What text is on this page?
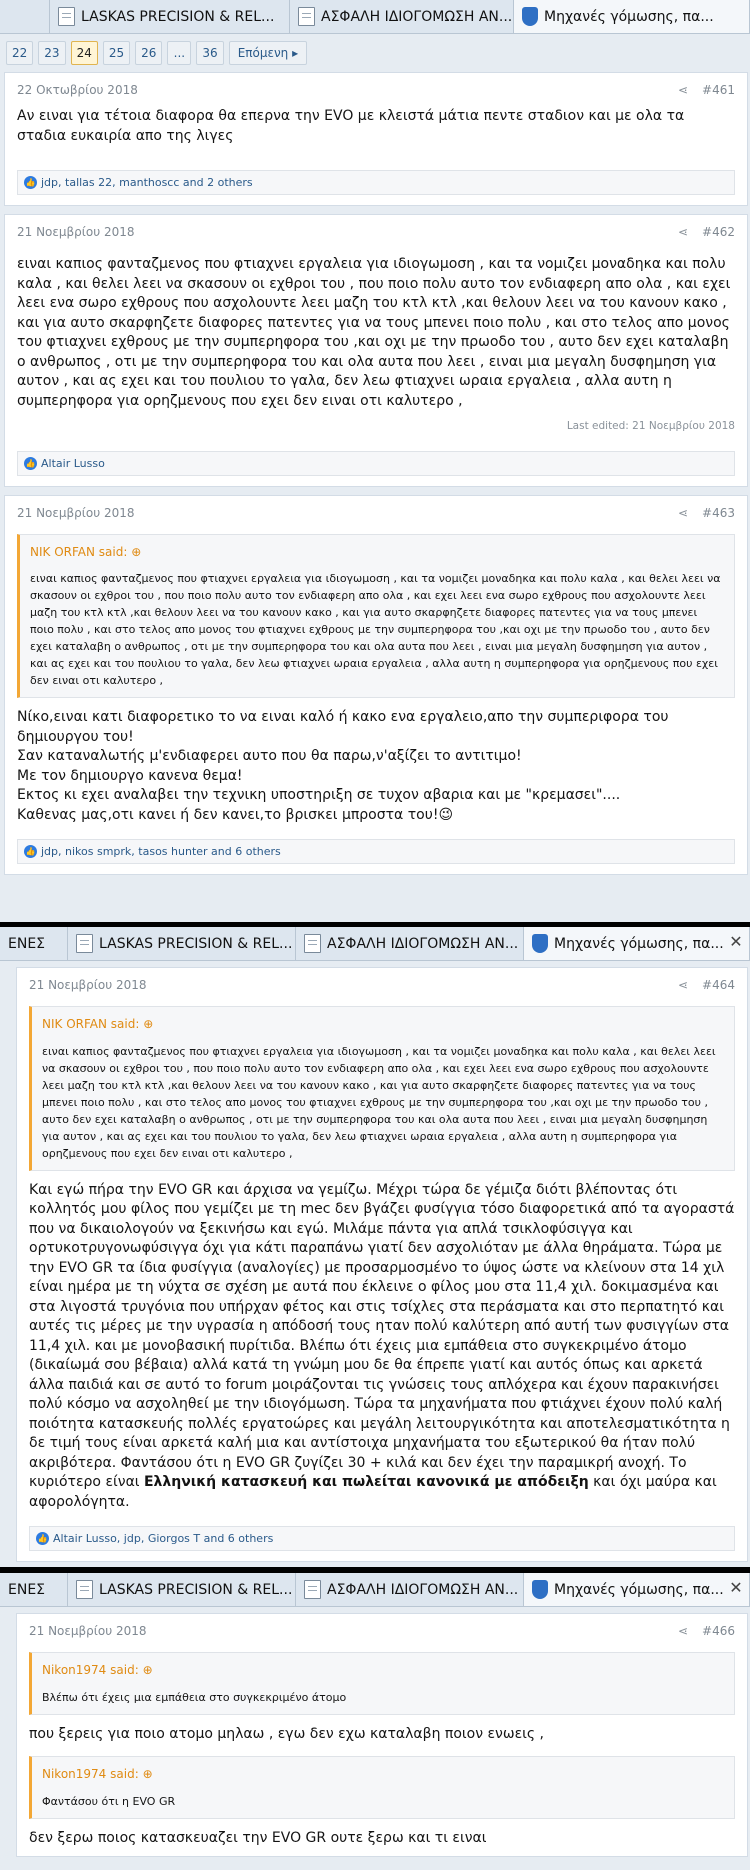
LASKAS PRECISION & REL...	ΑΣΦΑΛΗ ΙΔΙΟΓΟΜΩΣΗ ΑΝ... Μηχανές γόμωσης, πα...
22	23	24	25	26	...	36	Επόμενη ▸
22 Οκτωβρίου 2018	⋖ #461

Αν ειναι για τέτοια διαφορα θα επερνα την EVO με κλειστά μάτια πεντε σταδιον και με ολα τα σταδια ευκαιρία απο της λιγες

👍 jdp, tallas 22, manthoscc and 2 others
21 Νοεμβρίου 2018	⋖ #462

ειναι καπιος φανταζμενος που φτιαχνει εργαλεια για ιδιογωμοση , και τα νομιζει μοναδηκα και πολυ καλα , και θελει λεει να σκασουν οι εχθροι του , που ποιο πολυ αυτο τον ενδιαφερη απο ολα , και εχει λεει ενα σωρο εχθρους που ασχολουντε λεει μαζη του κτλ κτλ ,και θελουν λεει να του κανουν κακο , και για αυτο σκαρφηζετε διαφορες πατεντες για να τους μπενει ποιο πολυ , και στο τελος απο μονος του φτιαχνει εχθρους με την συμπερηφορα του ,και οχι με την πρωοδο του , αυτο δεν εχει καταλαβη ο ανθρωπος , οτι με την συμπερηφορα του και ολα αυτα που λεει , ειναι μια μεγαλη δυσφημηση για αυτον , και ας εχει και του πουλιου το γαλα, δεν λεω φτιαχνει ωραια εργαλεια , αλλα αυτη η συμπερηφορα για ορηζμενους που εχει δεν ειναι οτι καλυτερο ,

Last edited: 21 Νοεμβρίου 2018
👍 Altair Lusso
21 Νοεμβρίου 2018	⋖ #463
NIK ORFAN said: ⊕
ειναι καπιος φανταζμενος που φτιαχνει εργαλεια για ιδιογωμοση , και τα νομιζει μοναδηκα και πολυ καλα , και θελει λεει να σκασουν οι εχθροι του , που ποιο πολυ αυτο τον ενδιαφερη απο ολα , και εχει λεει ενα σωρο εχθρους που ασχολουντε λεει μαζη του κτλ κτλ ,και θελουν λεει να του κανουν κακο , και για αυτο σκαρφηζετε διαφορες πατεντες για να τους μπενει ποιο πολυ , και στο τελος απο μονος του φτιαχνει εχθρους με την συμπερηφορα του ,και οχι με την πρωοδο του , αυτο δεν εχει καταλαβη ο ανθρωπος , οτι με την συμπερηφορα του και ολα αυτα που λεει , ειναι μια μεγαλη δυσφημηση για αυτον , και ας εχει και του πουλιου το γαλα, δεν λεω φτιαχνει ωραια εργαλεια , αλλα αυτη η συμπερηφορα για ορηζμενους που εχει δεν ειναι οτι καλυτερο ,

Νίκο,ειναι κατι διαφορετικο το να ειναι καλό ή κακο ενα εργαλειο,απο την συμπεριφορα του δημιουργου του!

Σαν καταναλωτής μ'ενδιαφερει αυτο που θα παρω,ν'αξίζει το αντιτιμο!

Με τον δημιουργο κανενα θεμα!

Εκτος κι εχει αναλαβει την τεχνικη υποστηριξη σε τυχον αβαρια και με "κρεμασει"....

Καθενας μας,οτι κανει ή δεν κανει,το βρισκει μπροστα του!😉

👍 jdp, nikos smprk, tasos hunter and 6 others
ΕΝΕΣ	LASKAS PRECISION & REL... ΑΣΦΑΛΗ ΙΔΙΟΓΟΜΩΣΗ ΑΝ...	Μηχανές γόμωσης, πα... ✕
21 Νοεμβρίου 2018	⋖ #464
NIK ORFAN said: ⊕
ειναι καπιος φανταζμενος που φτιαχνει εργαλεια για ιδιογωμοση , και τα νομιζει μοναδηκα και πολυ καλα , και θελει λεει να σκασουν οι εχθροι του , που ποιο πολυ αυτο τον ενδιαφερη απο ολα , και εχει λεει ενα σωρο εχθρους που ασχολουντε λεει μαζη του κτλ κτλ ,και θελουν λεει να του κανουν κακο , και για αυτο σκαρφηζετε διαφορες πατεντες για να τους μπενει ποιο πολυ , και στο τελος απο μονος του φτιαχνει εχθρους με την συμπερηφορα του ,και οχι με την πρωοδο του , αυτο δεν εχει καταλαβη ο ανθρωπος , οτι με την συμπερηφορα του και ολα αυτα που λεει , ειναι μια μεγαλη δυσφημηση για αυτον , και ας εχει και του πουλιου το γαλα, δεν λεω φτιαχνει ωραια εργαλεια , αλλα αυτη η συμπερηφορα για ορηζμενους που εχει δεν ειναι οτι καλυτερο ,

Και εγώ πήρα την EVO GR και άρχισα να γεμίζω. Μέχρι τώρα δε γέμιζα διότι βλέποντας ότι κολλητός μου φίλος που γεμίζει με τη mec δεν βγάζει φυσίγγια τόσο διαφορετικά από τα αγοραστά που να δικαιολογούν να ξεκινήσω και εγώ. Μιλάμε πάντα για απλά τσικλοφύσιγγα και ορτυκοτρυγονωφύσιγγα όχι για κάτι παραπάνω γιατί δεν ασχολιόταν με άλλα θηράματα. Τώρα με την EVO GR τα ίδια φυσίγγια (αναλογίες) με προσαρμοσμένο το ύψος ώστε να κλείνουν στα 14 χιλ είναι ημέρα με τη νύχτα σε σχέση με αυτά που έκλεινε ο φίλος μου στα 11,4 χιλ. δοκιμασμένα και στα λιγοστά τρυγόνια που υπήρχαν φέτος και στις τσίχλες στα περάσματα και στο περπατητό και αυτές τις μέρες με την υγρασία η απόδοσή τους ηταν πολύ καλύτερη από αυτή των φυσιγγίων στα 11,4 χιλ. και με μονοβασική πυρίτιδα. Βλέπω ότι έχεις μια εμπάθεια στο συγκεκριμένο άτομο (δικαίωμά σου βέβαια) αλλά κατά τη γνώμη μου δε θα έπρεπε γιατί και αυτός όπως και αρκετά άλλα παιδιά και σε αυτό το forum μοιράζονται τις γνώσεις τους απλόχερα και έχουν παρακινήσει πολύ κόσμο να ασχοληθεί με την ιδιογόμωση. Τώρα τα μηχανήματα που φτιάχνει έχουν πολύ καλή ποιότητα κατασκευής πολλές εργατοώρες και μεγάλη λειτουργικότητα και αποτελεσματικότητα η δε τιμή τους είναι αρκετά καλή μια και αντίστοιχα μηχανήματα του εξωτερικού θα ήταν πολύ ακριβότερα. Φαντάσου ότι η EVO GR ζυγίζει 30 + κιλά και δεν έχει την παραμικρή ανοχή. Το κυριότερο είναι Ελληνική κατασκευή και πωλείται κανονικά με απόδειξη και όχι μαύρα και αφορολόγητα.

👍 Altair Lusso, jdp, Giorgos T and 6 others
ΕΝΕΣ	LASKAS PRECISION & REL... ΑΣΦΑΛΗ ΙΔΙΟΓΟΜΩΣΗ ΑΝ...	Μηχανές γόμωσης, πα... ✕
21 Νοεμβρίου 2018	⋖ #466
Nikon1974 said: ⊕
Βλέπω ότι έχεις μια εμπάθεια στο συγκεκριμένο άτομο

που ξερεις για ποιο ατομο μηλαω , εγω δεν εχω καταλαβη ποιον ενωεις ,

Nikon1974 said: ⊕
Φαντάσου ότι η EVO GR

δεν ξερω ποιος κατασκευαζει την EVO GR ουτε ξερω και τι ειναι
